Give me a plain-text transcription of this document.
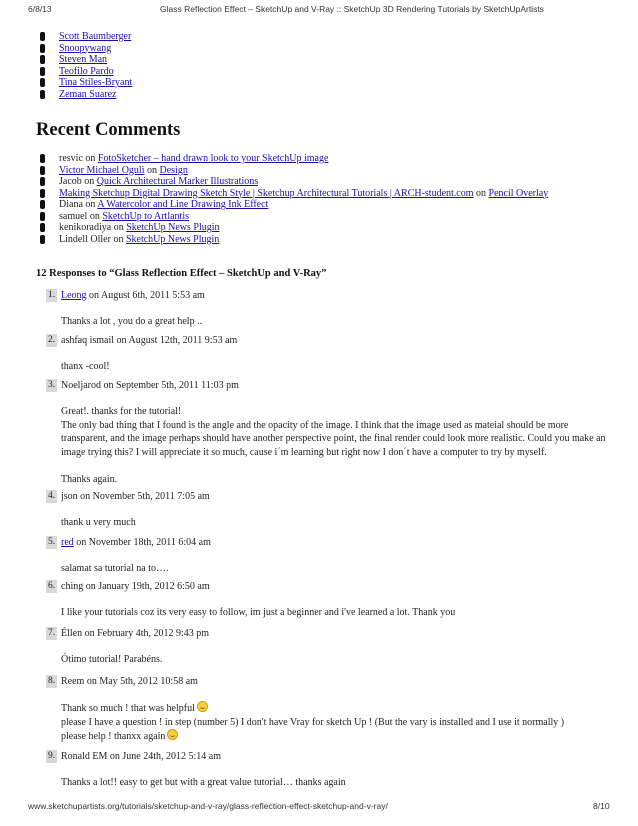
6/8/13	Glass Reflection Effect – SketchUp and V-Ray :: SketchUp 3D Rendering Tutorials by SketchUpArtists
Scott Baumberger
Snoopywang
Steven Man
Teofilo Pardo
Tina Stiles-Bryant
Zeman Suarez
Recent Comments
resvic on FotoSketcher – hand drawn look to your SketchUp image
Victor Michael Oguli on Design
Jacob on Quick Architectural Marker Illustrations
Making Sketchup Digital Drawing Sketch Style | Sketchup Architectural Tutorials | ARCH-student.com on Pencil Overlay
Diana on A Watercolor and Line Drawing Ink Effect
samuel on SketchUp to Artlantis
kenikoradiya on SketchUp News Plugin
Lindell Oller on SketchUp News Plugin
12 Responses to “Glass Reflection Effect – SketchUp and V-Ray”
1. Leong on August 6th, 2011 5:53 am

Thanks a lot , you do a great help ..

2. ashfaq ismail on August 12th, 2011 9:53 am

thanx -cool!

3. Noeljarod on September 5th, 2011 11:03 pm

Great!. thanks for the tutorial!

The only bad thing that I found is the angle and the opacity of the image. I think that the image used as mateial should be more transparent, and the image perhaps should have another perspective point, the final render could look more realistic. Could you make an image trying this? I will appreciate it so much, cause i´m learning but right now I don´t have a computer to try by myself.

Thanks again.

4. json on November 5th, 2011 7:05 am

thank u very much

5. red on November 18th, 2011 6:04 am

salamat sa tutorial na to….

6. ching on January 19th, 2012 6:50 am

I like your tutorials coz its very easy to follow, im just a beginner and i've learned a lot. Thank you

7. Éllen on February 4th, 2012 9:43 pm

Ótimo tutorial! Parabéns.

8. Reem on May 5th, 2012 10:58 am

Thank so much ! that was helpful

please I have a question ! in step (number 5) I don't have Vray for sketch Up ! (But the vary is installed and I use it normally )

please help ! thanxx again

9. Ronald EM on June 24th, 2012 5:14 am

Thanks a lot!! easy to get but with a great value tutorial… thanks again

www.sketchupartists.org/tutorials/sketchup-and-v-ray/glass-reflection-effect-sketchup-and-v-ray/	8/10
